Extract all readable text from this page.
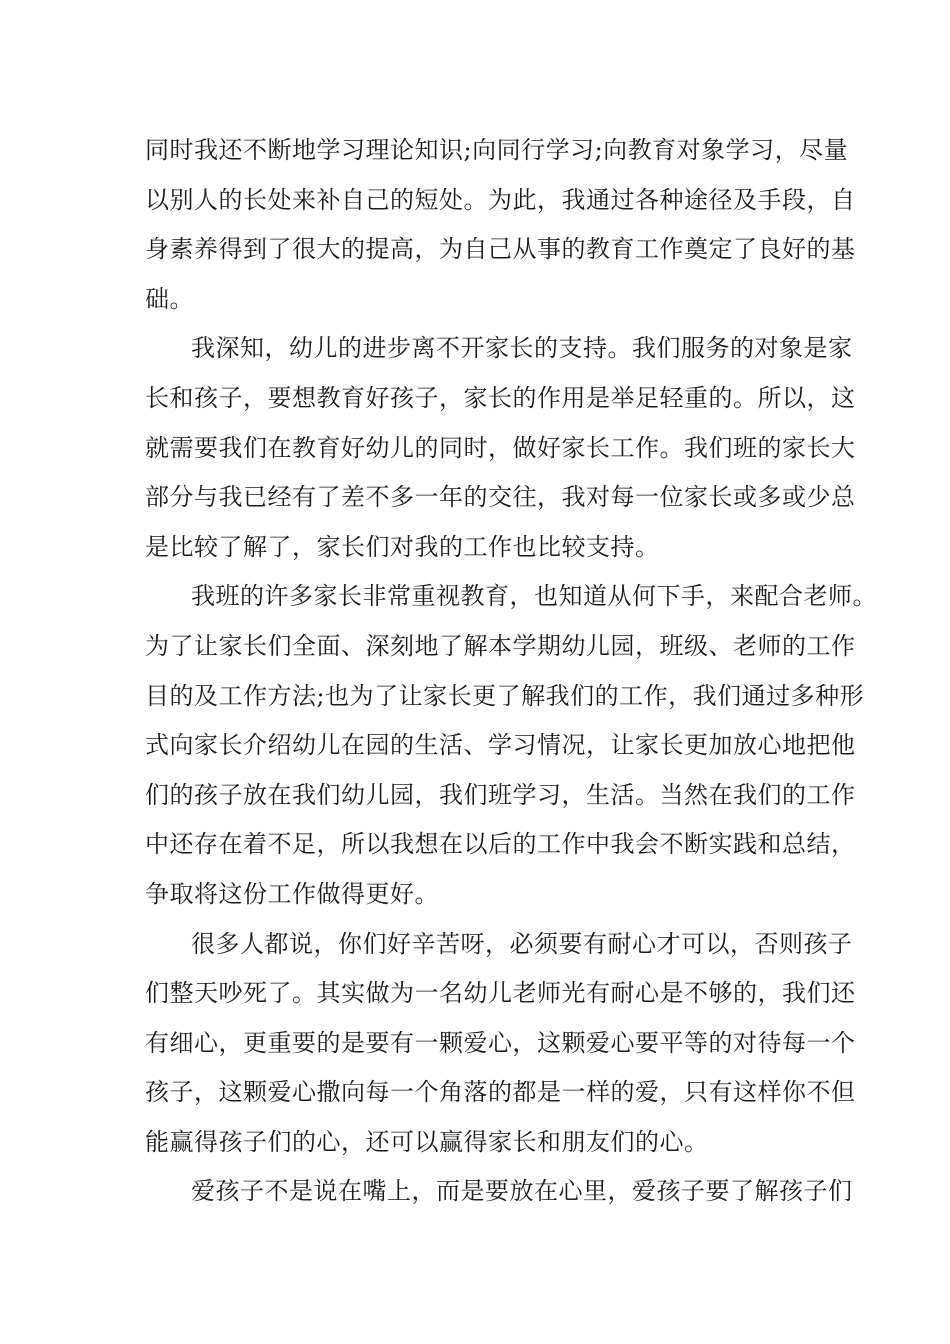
同时我还不断地学习理论知识;向同行学习;向教育对象学习，尽量
以别人的长处来补自己的短处。为此，我通过各种途径及手段，自
身素养得到了很大的提高，为自己从事的教育工作奠定了良好的基
础。
我深知，幼儿的进步离不开家长的支持。我们服务的对象是家
长和孩子，要想教育好孩子，家长的作用是举足轻重的。所以，这
就需要我们在教育好幼儿的同时，做好家长工作。我们班的家长大
部分与我已经有了差不多一年的交往，我对每一位家长或多或少总
是比较了解了，家长们对我的工作也比较支持。
我班的许多家长非常重视教育，也知道从何下手，来配合老师。
为了让家长们全面、深刻地了解本学期幼儿园，班级、老师的工作
目的及工作方法;也为了让家长更了解我们的工作，我们通过多种形
式向家长介绍幼儿在园的生活、学习情况，让家长更加放心地把他
们的孩子放在我们幼儿园，我们班学习，生活。当然在我们的工作
中还存在着不足，所以我想在以后的工作中我会不断实践和总结，
争取将这份工作做得更好。
很多人都说，你们好辛苦呀，必须要有耐心才可以，否则孩子
们整天吵死了。其实做为一名幼儿老师光有耐心是不够的，我们还
有细心，更重要的是要有一颗爱心，这颗爱心要平等的对待每一个
孩子，这颗爱心撒向每一个角落的都是一样的爱，只有这样你不但
能赢得孩子们的心，还可以赢得家长和朋友们的心。
爱孩子不是说在嘴上，而是要放在心里，爱孩子要了解孩子们
